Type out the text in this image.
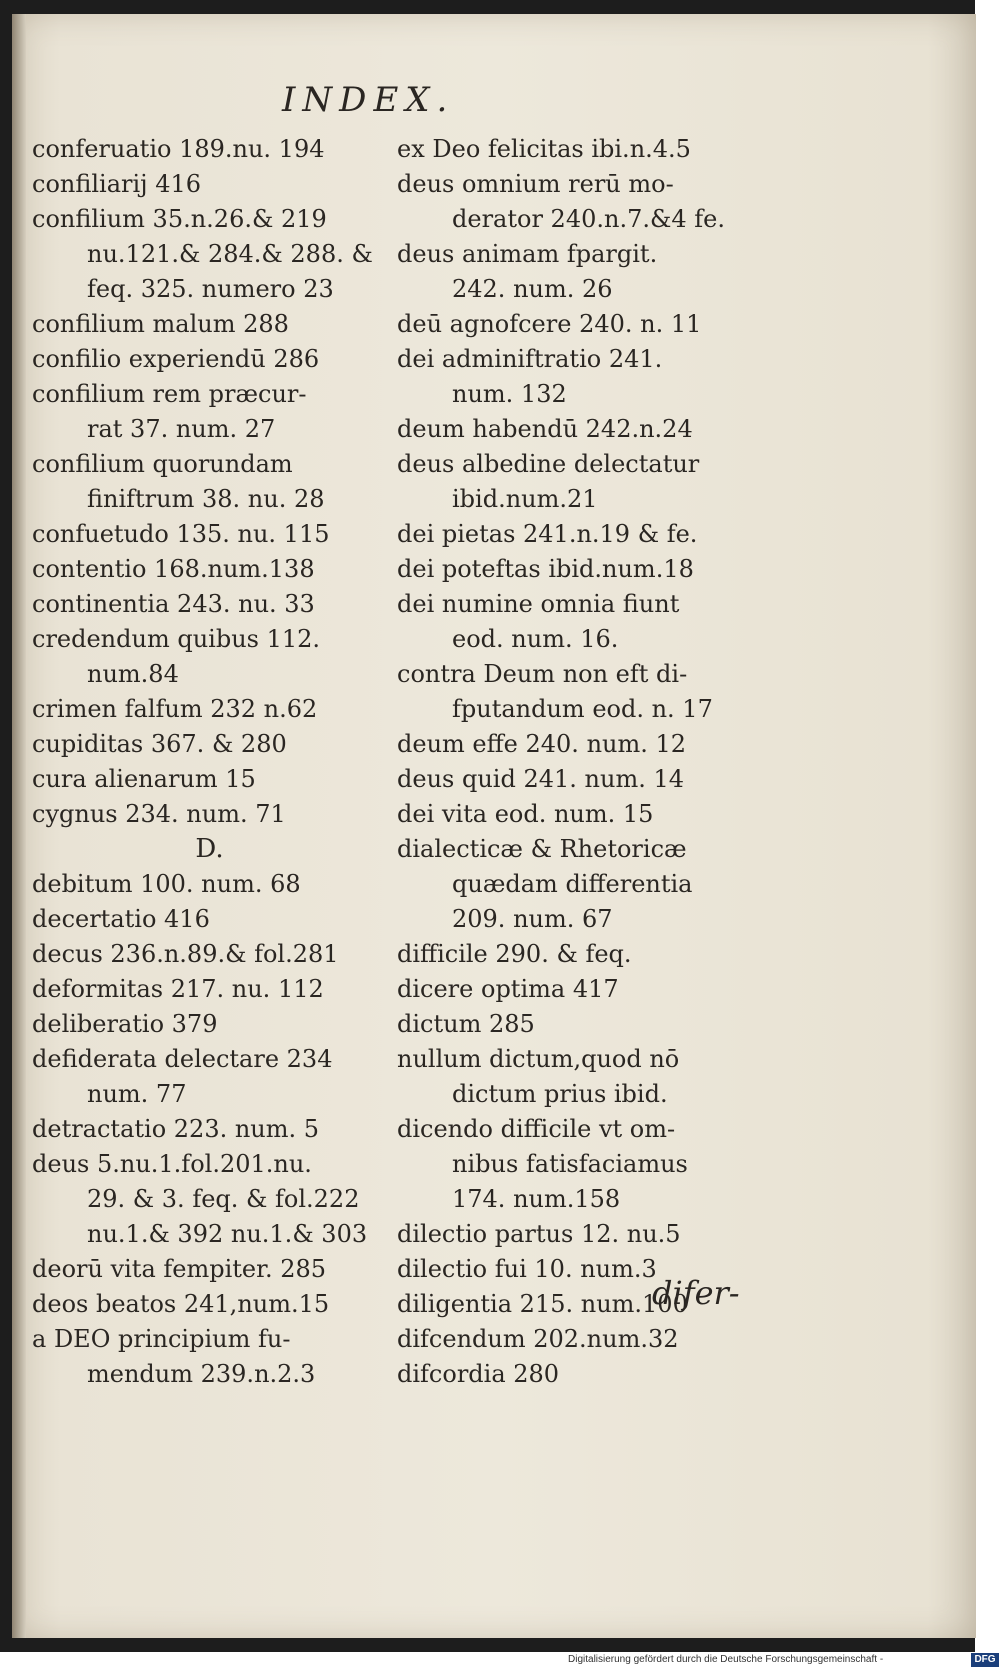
INDEX.
conferuatio 189.nu. 194
confiliarij 416
confilium 35.n.26.& 219
nu.121.& 284.& 288. &
feq. 325. numero 23
confilium malum 288
confilio experiendū 286
confilium rem præcur-
rat 37. num. 27
confilium quorundam
finiftrum 38. nu. 28
confuetudo 135. nu. 115
contentio 168.num.138
continentia 243. nu. 33
credendum quibus 112.
num.84
crimen falfum 232 n.62
cupiditas 367. & 280
cura alienarum 15
cygnus 234. num. 71
D.
debitum 100. num. 68
decertatio 416
decus 236.n.89.& fol.281
deformitas 217. nu. 112
deliberatio 379
defiderata delectare 234
num. 77
detractatio 223. num. 5
deus 5.nu.1.fol.201.nu.
29. & 3. feq. & fol.222
nu.1.& 392 nu.1.& 303
deorū vita fempiter. 285
deos beatos 241,num.15
a DEO principium fu-
mendum 239.n.2.3
ex Deo felicitas ibi.n.4.5
deus omnium rerū mo-
derator 240.n.7.&4 fe.
deus animam fpargit.
242. num. 26
deū agnofcere 240. n. 11
dei adminiftratio 241.
num. 132
deum habendū 242.n.24
deus albedine delectatur
ibid.num.21
dei pietas 241.n.19 & fe.
dei poteftas ibid.num.18
dei numine omnia fiunt
eod. num. 16.
contra Deum non eft di-
fputandum eod. n. 17
deum effe 240. num. 12
deus quid 241. num. 14
dei vita eod. num. 15
dialecticæ & Rhetoricæ
quædam differentia
209. num. 67
difficile 290. & feq.
dicere optima 417
dictum 285
nullum dictum,quod nō
dictum prius ibid.
dicendo difficile vt om-
nibus fatisfaciamus
174. num.158
dilectio partus 12. nu.5
dilectio fui 10. num.3
diligentia 215. num.100
difcendum 202.num.32
difcordia 280
difer-
Digitalisierung gefördert durch die Deutsche Forschungsgemeinschaft -	DFG
